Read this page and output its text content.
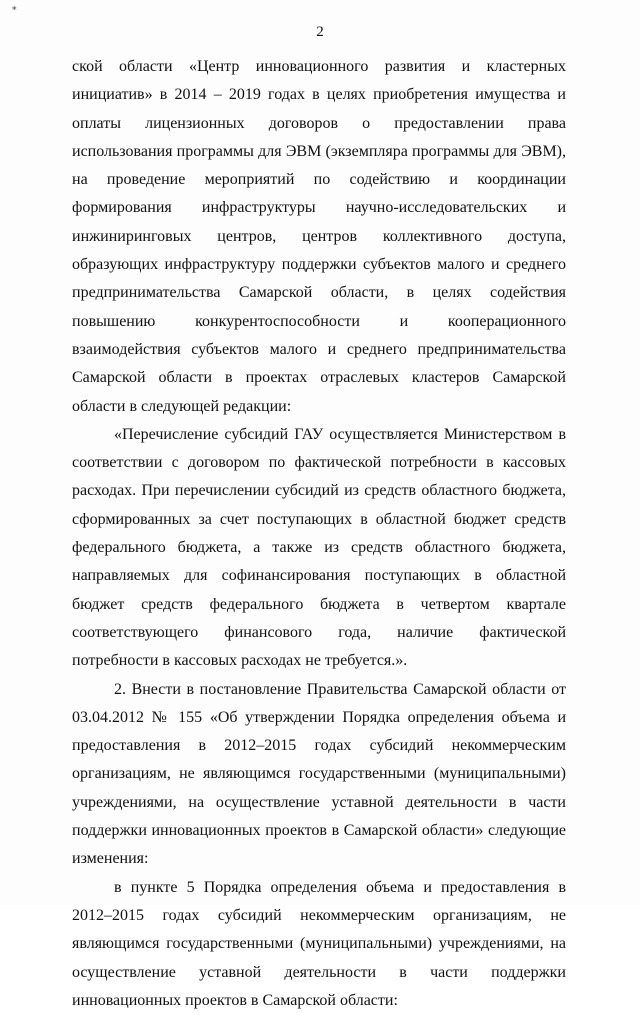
*
2

ской области «Центр инновационного развития и кластерных инициатив» в 2014 – 2019 годах в целях приобретения имущества и оплаты лицензионных договоров о предоставлении права использования программы для ЭВМ (экземпляра программы для ЭВМ), на проведение мероприятий по содействию и координации формирования инфраструктуры научно-исследовательских и инжиниринговых центров, центров коллективного доступа, образующих инфраструктуру поддержки субъектов малого и среднего предпринимательства Самарской области, в целях содействия повышению конкурентоспособности и кооперационного взаимодействия субъектов малого и среднего предпринимательства Самарской области в проектах отраслевых кластеров Самарской области в следующей редакции:

«Перечисление субсидий ГАУ осуществляется Министерством в соответствии с договором по фактической потребности в кассовых расходах. При перечислении субсидий из средств областного бюджета, сформированных за счет поступающих в областной бюджет средств федерального бюджета, а также из средств областного бюджета, направляемых для софинансирования поступающих в областной бюджет средств федерального бюджета в четвертом квартале соответствующего финансового года, наличие фактической потребности в кассовых расходах не требуется.».

2. Внести в постановление Правительства Самарской области от 03.04.2012 № 155 «Об утверждении Порядка определения объема и предоставления в 2012–2015 годах субсидий некоммерческим организациям, не являющимся государственными (муниципальными) учреждениями, на осуществление уставной деятельности в части поддержки инновационных проектов в Самарской области» следующие изменения:

в пункте 5 Порядка определения объема и предоставления в 2012–2015 годах субсидий некоммерческим организациям, не являющимся государственными (муниципальными) учреждениями, на осуществление уставной деятельности в части поддержки инновационных проектов в Самарской области:
